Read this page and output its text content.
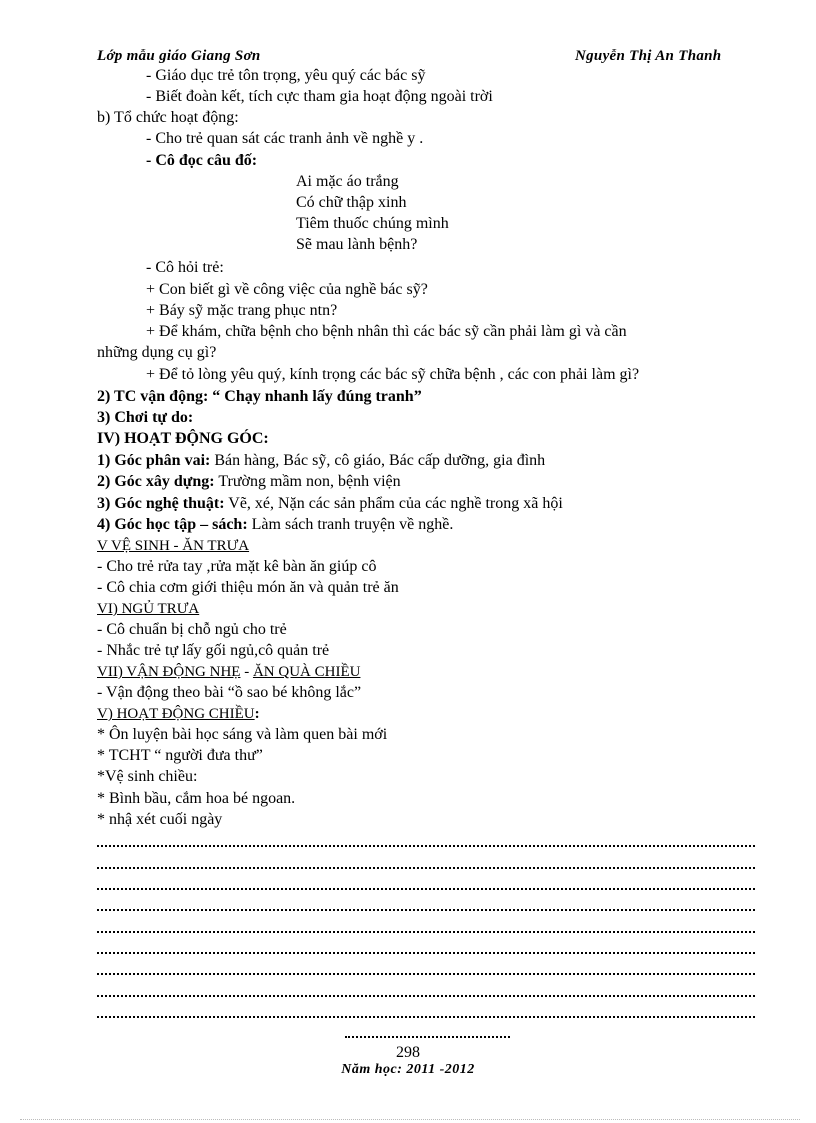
Lớp mẫu giáo Giang Sơn	Nguyễn Thị An Thanh
- Giáo dục trẻ tôn trọng, yêu quý các bác sỹ
- Biết đoàn kết, tích cực tham gia hoạt động ngoài trời
b) Tổ chức hoạt động:
- Cho trẻ quan sát các tranh ảnh về nghề y .
- Cô đọc câu đố:
Ai mặc áo trắng
Có chữ thập xinh
Tiêm thuốc chúng mình
Sẽ mau lành bệnh?
- Cô hỏi trẻ:
+ Con biết gì về công việc của nghề bác sỹ?
+ Báy sỹ mặc trang phục ntn?
+ Để khám, chữa bệnh cho bệnh nhân thì các bác sỹ cần phải làm gì và cần
những dụng cụ gì?
+ Để tỏ lòng yêu quý, kính trọng các bác sỹ chữa bệnh , các con phải làm gì?
2) TC vận động: “ Chạy nhanh lấy đúng tranh”
3) Chơi tự do:
IV) HOẠT ĐỘNG GÓC:
1) Góc phân vai: Bán hàng, Bác sỹ, cô giáo, Bác cấp dưỡng, gia đình
2) Góc xây dựng: Trường mầm non, bệnh viện
3) Góc nghệ thuật: Vẽ, xé, Nặn các sản phẩm của các nghề trong xã hội
4) Góc học tập – sách: Làm sách tranh truyện về nghề.
V VỆ SINH - ĂN TRƯA
- Cho trẻ rửa tay ,rửa mặt kê bàn ăn giúp cô
- Cô chia cơm giới thiệu món ăn và quản trẻ ăn
VI) NGỦ TRƯA
- Cô chuẩn bị chỗ ngủ cho trẻ
- Nhắc trẻ tự lấy gối ngủ,cô quản trẻ
VII) VẬN ĐỘNG NHẸ - ĂN QUÀ CHIỀU
- Vận động theo bài “ồ sao bé không lắc”
V) HOẠT ĐỘNG CHIỀU:
* Ôn luyện bài học sáng và làm quen bài mới
* TCHT “ người đưa thư”
*Vệ sinh chiều:
* Bình bầu, cắm hoa bé ngoan.
* nhậ xét cuối ngày
298
Năm học: 2011 -2012
